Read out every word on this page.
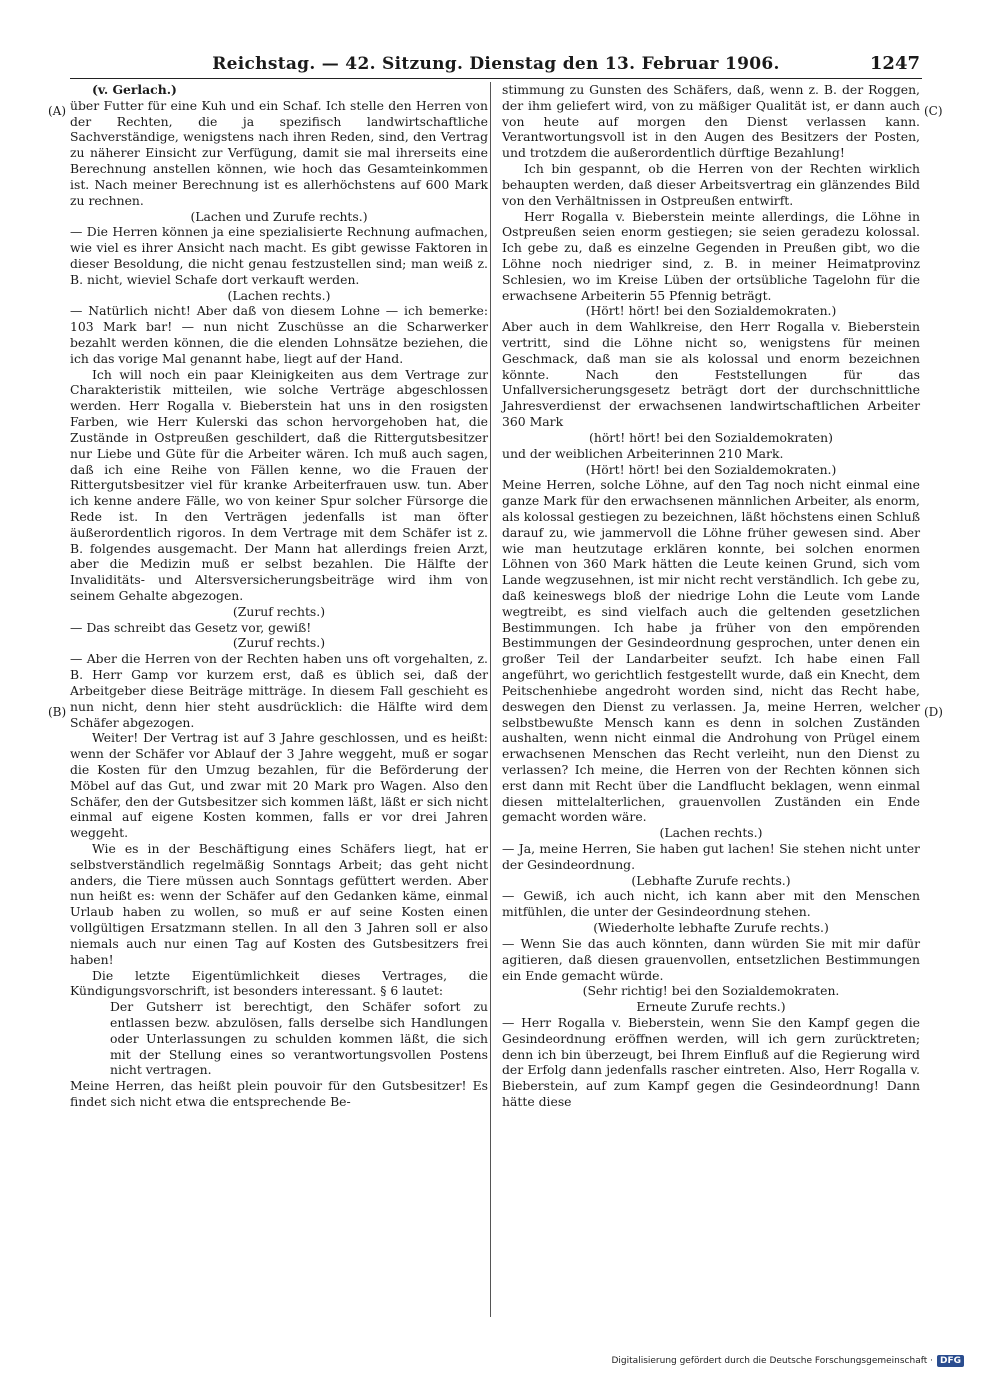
Reichstag. — 42. Sitzung. Dienstag den 13. Februar 1906.	1247
(A)
(B)
(C)
(D)

(v. Gerlach.)

über Futter für eine Kuh und ein Schaf. Ich stelle den Herren von der Rechten, die ja spezifisch landwirtschaftliche Sachverständige, wenigstens nach ihren Reden, sind, den Vertrag zu näherer Einsicht zur Verfügung, damit sie mal ihrerseits eine Berechnung anstellen können, wie hoch das Gesamteinkommen ist. Nach meiner Berechnung ist es allerhöchstens auf 600 Mark zu rechnen.

(Lachen und Zurufe rechts.)

— Die Herren können ja eine spezialisierte Rechnung aufmachen, wie viel es ihrer Ansicht nach macht. Es gibt gewisse Faktoren in dieser Besoldung, die nicht genau festzustellen sind; man weiß z. B. nicht, wieviel Schafe dort verkauft werden.

(Lachen rechts.)

— Natürlich nicht! Aber daß von diesem Lohne — ich bemerke: 103 Mark bar! — nun nicht Zuschüsse an die Scharwerker bezahlt werden können, die die elenden Lohnsätze beziehen, die ich das vorige Mal genannt habe, liegt auf der Hand.

Ich will noch ein paar Kleinigkeiten aus dem Vertrage zur Charakteristik mitteilen, wie solche Verträge abgeschlossen werden. Herr Rogalla v. Bieberstein hat uns in den rosigsten Farben, wie Herr Kulerski das schon hervorgehoben hat, die Zustände in Ostpreußen geschildert, daß die Rittergutsbesitzer nur Liebe und Güte für die Arbeiter wären. Ich muß auch sagen, daß ich eine Reihe von Fällen kenne, wo die Frauen der Rittergutsbesitzer viel für kranke Arbeiterfrauen usw. tun. Aber ich kenne andere Fälle, wo von keiner Spur solcher Fürsorge die Rede ist. In den Verträgen jedenfalls ist man öfter äußerordentlich rigoros. In dem Vertrage mit dem Schäfer ist z. B. folgendes ausgemacht. Der Mann hat allerdings freien Arzt, aber die Medizin muß er selbst bezahlen. Die Hälfte der Invaliditäts- und Altersversicherungsbeiträge wird ihm von seinem Gehalte abgezogen.

(Zuruf rechts.)

— Das schreibt das Gesetz vor, gewiß!

(Zuruf rechts.)

— Aber die Herren von der Rechten haben uns oft vorgehalten, z. B. Herr Gamp vor kurzem erst, daß es üblich sei, daß der Arbeitgeber diese Beiträge mitträge. In diesem Fall geschieht es nun nicht, denn hier steht ausdrücklich: die Hälfte wird dem Schäfer abgezogen.

Weiter! Der Vertrag ist auf 3 Jahre geschlossen, und es heißt: wenn der Schäfer vor Ablauf der 3 Jahre weggeht, muß er sogar die Kosten für den Umzug bezahlen, für die Beförderung der Möbel auf das Gut, und zwar mit 20 Mark pro Wagen. Also den Schäfer, den der Gutsbesitzer sich kommen läßt, läßt er sich nicht einmal auf eigene Kosten kommen, falls er vor drei Jahren weggeht.

Wie es in der Beschäftigung eines Schäfers liegt, hat er selbstverständlich regelmäßig Sonntags Arbeit; das geht nicht anders, die Tiere müssen auch Sonntags gefüttert werden. Aber nun heißt es: wenn der Schäfer auf den Gedanken käme, einmal Urlaub haben zu wollen, so muß er auf seine Kosten einen vollgültigen Ersatzmann stellen. In all den 3 Jahren soll er also niemals auch nur einen Tag auf Kosten des Gutsbesitzers frei haben!

Die letzte Eigentümlichkeit dieses Vertrages, die Kündigungsvorschrift, ist besonders interessant. § 6 lautet:

Der Gutsherr ist berechtigt, den Schäfer sofort zu entlassen bezw. abzulösen, falls derselbe sich Handlungen oder Unterlassungen zu schulden kommen läßt, die sich mit der Stellung eines so verantwortungsvollen Postens nicht vertragen.

Meine Herren, das heißt plein pouvoir für den Gutsbesitzer! Es findet sich nicht etwa die entsprechende Be-

stimmung zu Gunsten des Schäfers, daß, wenn z. B. der Roggen, der ihm geliefert wird, von zu mäßiger Qualität ist, er dann auch von heute auf morgen den Dienst verlassen kann. Verantwortungsvoll ist in den Augen des Besitzers der Posten, und trotzdem die außerordentlich dürftige Bezahlung!

Ich bin gespannt, ob die Herren von der Rechten wirklich behaupten werden, daß dieser Arbeitsvertrag ein glänzendes Bild von den Verhältnissen in Ostpreußen entwirft.

Herr Rogalla v. Bieberstein meinte allerdings, die Löhne in Ostpreußen seien enorm gestiegen; sie seien geradezu kolossal. Ich gebe zu, daß es einzelne Gegenden in Preußen gibt, wo die Löhne noch niedriger sind, z. B. in meiner Heimatprovinz Schlesien, wo im Kreise Lüben der ortsübliche Tagelohn für die erwachsene Arbeiterin 55 Pfennig beträgt.

(Hört! hört! bei den Sozialdemokraten.)

Aber auch in dem Wahlkreise, den Herr Rogalla v. Bieberstein vertritt, sind die Löhne nicht so, wenigstens für meinen Geschmack, daß man sie als kolossal und enorm bezeichnen könnte. Nach den Feststellungen für das Unfallversicherungsgesetz beträgt dort der durchschnittliche Jahresverdienst der erwachsenen landwirtschaftlichen Arbeiter 360 Mark

(hört! hört! bei den Sozialdemokraten)

und der weiblichen Arbeiterinnen 210 Mark.

(Hört! hört! bei den Sozialdemokraten.)

Meine Herren, solche Löhne, auf den Tag noch nicht einmal eine ganze Mark für den erwachsenen männlichen Arbeiter, als enorm, als kolossal gestiegen zu bezeichnen, läßt höchstens einen Schluß darauf zu, wie jammervoll die Löhne früher gewesen sind. Aber wie man heutzutage erklären konnte, bei solchen enormen Löhnen von 360 Mark hätten die Leute keinen Grund, sich vom Lande wegzusehnen, ist mir nicht recht verständlich. Ich gebe zu, daß keineswegs bloß der niedrige Lohn die Leute vom Lande wegtreibt, es sind vielfach auch die geltenden gesetzlichen Bestimmungen. Ich habe ja früher von den empörenden Bestimmungen der Gesindeordnung gesprochen, unter denen ein großer Teil der Landarbeiter seufzt. Ich habe einen Fall angeführt, wo gerichtlich festgestellt wurde, daß ein Knecht, dem Peitschenhiebe angedroht worden sind, nicht das Recht habe, deswegen den Dienst zu verlassen. Ja, meine Herren, welcher selbstbewußte Mensch kann es denn in solchen Zuständen aushalten, wenn nicht einmal die Androhung von Prügel einem erwachsenen Menschen das Recht verleiht, nun den Dienst zu verlassen? Ich meine, die Herren von der Rechten können sich erst dann mit Recht über die Landflucht beklagen, wenn einmal diesen mittelalterlichen, grauenvollen Zuständen ein Ende gemacht worden wäre.

(Lachen rechts.)

— Ja, meine Herren, Sie haben gut lachen! Sie stehen nicht unter der Gesindeordnung.

(Lebhafte Zurufe rechts.)

— Gewiß, ich auch nicht, ich kann aber mit den Menschen mitfühlen, die unter der Gesindeordnung stehen.

(Wiederholte lebhafte Zurufe rechts.)

— Wenn Sie das auch könnten, dann würden Sie mit mir dafür agitieren, daß diesen grauenvollen, entsetzlichen Bestimmungen ein Ende gemacht würde.

(Sehr richtig! bei den Sozialdemokraten.

Erneute Zurufe rechts.)

— Herr Rogalla v. Bieberstein, wenn Sie den Kampf gegen die Gesindeordnung eröffnen werden, will ich gern zurücktreten; denn ich bin überzeugt, bei Ihrem Einfluß auf die Regierung wird der Erfolg dann jedenfalls rascher eintreten. Also, Herr Rogalla v. Bieberstein, auf zum Kampf gegen die Gesindeordnung! Dann hätte diese

Digitalisierung gefördert durch die Deutsche Forschungsgemeinschaft · DFG
